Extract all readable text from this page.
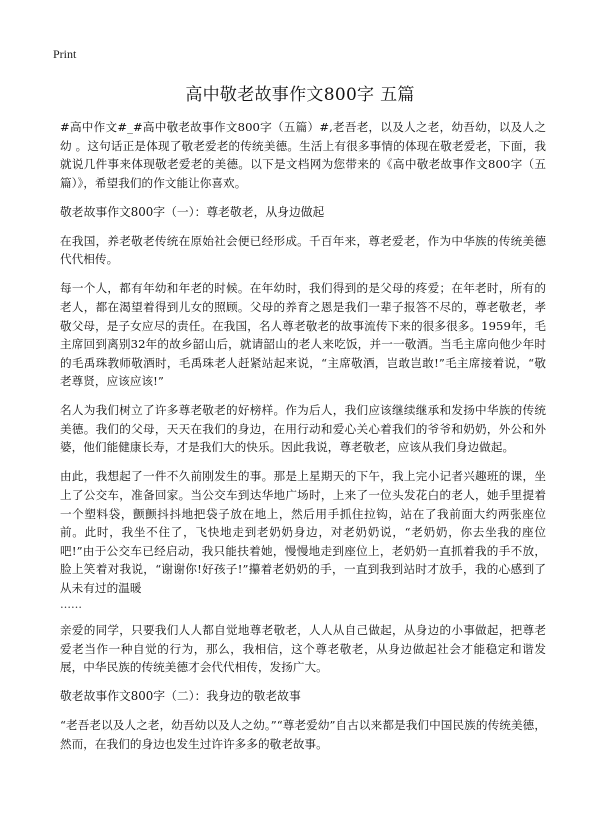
Print
高中敬老故事作文800字 五篇

#高中作文#_#高中敬老故事作文800字（五篇）#,老吾老，以及人之老，幼吾幼，以及人之幼 。这句话正是体现了敬老爱老的传统美德。生活上有很多事情的体现在敬老爱老，下面，我就说几件事来体现敬老爱老的美德。以下是文档网为您带来的《高中敬老故事作文800字（五篇）》，希望我们的作文能让你喜欢。

敬老故事作文800字（一）：尊老敬老，从身边做起

在我国，养老敬老传统在原始社会便已经形成。千百年来，尊老爱老，作为中华族的传统美德代代相传。

每一个人，都有年幼和年老的时候。在年幼时，我们得到的是父母的疼爱；在年老时，所有的老人，都在渴望着得到儿女的照顾。父母的养育之恩是我们一辈子报答不尽的，尊老敬老，孝敬父母，是子女应尽的责任。在我国，名人尊老敬老的故事流传下来的很多很多。1959年，毛主席回到离别32年的故乡韶山后，就请韶山的老人来吃饭，并一一敬酒。当毛主席向他少年时的毛禹珠教师敬酒时，毛禹珠老人赶紧站起来说，“主席敬酒，岂敢岂敢!”毛主席接着说，“敬老尊贤，应该应该!”

名人为我们树立了许多尊老敬老的好榜样。作为后人，我们应该继续继承和发扬中华族的传统美德。我们的父母，天天在我们的身边，在用行动和爱心关心着我们的爷爷和奶奶，外公和外婆，他们能健康长寿，才是我们大的快乐。因此我说，尊老敬老，应该从我们身边做起。

由此，我想起了一件不久前刚发生的事。那是上星期天的下午，我上完小记者兴趣班的课，坐上了公交车，准备回家。当公交车到达华地广场时，上来了一位头发花白的老人，她手里提着一个塑料袋，颤颤抖抖地把袋子放在地上，然后用手抓住拉钩，站在了我前面大约两张座位前。此时，我坐不住了，飞快地走到老奶奶身边，对老奶奶说，“老奶奶，你去坐我的座位吧!”由于公交车已经启动，我只能扶着她，慢慢地走到座位上，老奶奶一直抓着我的手不放，脸上笑着对我说，“谢谢你!好孩子!”攥着老奶奶的手，一直到我到站时才放手，我的心感到了从未有过的温暖

……

亲爱的同学，只要我们人人都自觉地尊老敬老，人人从自己做起，从身边的小事做起，把尊老爱老当作一种自觉的行为，那么，我相信，这个尊老敬老，从身边做起社会才能稳定和谐发展，中华民族的传统美德才会代代相传，发扬广大。

敬老故事作文800字（二）：我身边的敬老故事

“老吾老以及人之老，幼吾幼以及人之幼。”“尊老爱幼”自古以来都是我们中国民族的传统美德，然而，在我们的身边也发生过许许多多的敬老故事。
